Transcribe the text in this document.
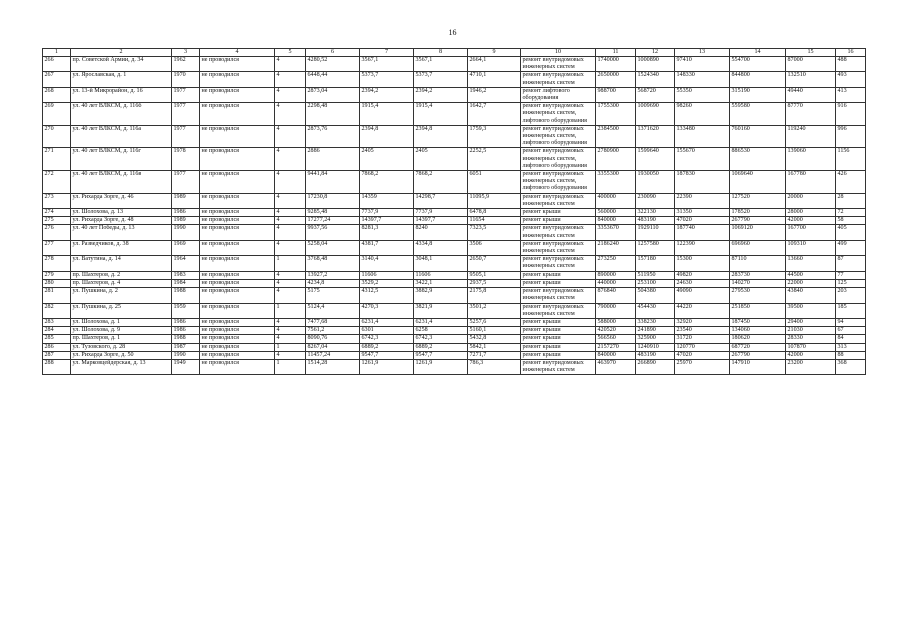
16
1	2	3	4	5	6	7	8	9	10	11	12	13	14	15	16
266	пр. Советской Армии, д. 34	1962	не проводился	4	4280,52	3567,1	3567,1	2664,1	ремонт внутридомовых инженерных систем	1740000	1000890	97410	554700	87000	488
267	ул. Ярославская, д. 1	1970	не проводился	4	6448,44	5373,7	5373,7	4710,1	ремонт внутридомовых инженерных систем	2650000	1524340	148330	844800	132510	493
268	ул. 13-й Микрорайон, д. 16	1977	не проводился	4	2873,04	2394,2	2394,2	1946,2	ремонт лифтового оборудования	988700	568720	55350	315190	49440	413
269	ул. 40 лет ВЛКСМ, д. 116б	1977	не проводился	4	2298,48	1915,4	1915,4	1642,7	ремонт внутридомовых инженерных систем, лифтового оборудования	1755300	1009690	98260	559580	87770	916
270	ул. 40 лет ВЛКСМ, д. 116а	1977	не проводился	4	2873,76	2394,8	2394,8	1759,3	ремонт внутридомовых инженерных систем, лифтового оборудования	2384500	1371620	133480	760160	119240	996
271	ул. 40 лет ВЛКСМ, д. 116г	1978	не проводился	4	2886	2405	2405	2252,5	ремонт внутридомовых инженерных систем, лифтового оборудования	2780900	1599640	155670	886530	139060	1156
272	ул. 40 лет ВЛКСМ, д. 116в	1977	не проводился	4	9441,84	7868,2	7868,2	6051	ремонт внутридомовых инженерных систем, лифтового оборудования	3355300	1930050	187830	1069640	167780	426
273	ул. Рихарда Зорге, д. 46	1989	не проводился	4	17230,8	14359	14298,7	11095,9	ремонт внутридомовых инженерных систем	400000	230090	22390	127520	20000	28
274	ул. Шолохова, д. 13	1986	не проводился	4	9285,48	7737,9	7737,9	6478,8	ремонт крыши	560000	322130	31350	178520	28000	72
275	ул. Рихарда Зорге, д. 48	1989	не проводился	4	17277,24	14397,7	14397,7	11654	ремонт крыши	840000	483190	47020	267790	42000	58
276	ул. 40 лет Победы, д. 13	1990	не проводился	4	9937,56	8281,3	8240	7323,5	ремонт внутридомовых инженерных систем	3353670	1929110	187740	1069120	167700	405
277	ул. Разведчиков, д. 38	1969	не проводился	4	5258,04	4381,7	4334,8	3506	ремонт внутридомовых инженерных систем	2186240	1257580	122390	696960	109310	499
278	ул. Ватутина, д. 14	1964	не проводился	1	3768,48	3140,4	3048,1	2650,7	ремонт внутридомовых инженерных систем	273250	157180	15300	87110	13660	87
279	пр. Шахтеров, д. 2	1983	не проводился	4	13927,2	11606	11606	9505,1	ремонт крыши	890000	511950	49820	283730	44500	77
280	пр. Шахтеров, д. 4	1984	не проводился	4	4234,8	3529,2	3422,1	2937,5	ремонт крыши	440000	253100	24630	140270	22000	125
281	ул. Пушкина, д. 2	1988	не проводился	4	5175	4312,5	3882,9	2175,8	ремонт внутридомовых инженерных систем	876840	504380	49090	279530	43840	203
282	ул. Пушкина, д. 25	1959	не проводился	1	5124,4	4270,3	3821,9	3501,2	ремонт внутридомовых инженерных систем	790000	454430	44220	251850	39500	185
283	ул. Шолохова, д. 1	1986	не проводился	4	7477,68	6231,4	6231,4	5257,6	ремонт крыши	588000	338230	32920	187450	29400	94
284	ул. Шолохова, д. 9	1986	не проводился	4	7561,2	6301	6258	5160,1	ремонт крыши	420520	241890	23540	134060	21030	67
285	пр. Шахтеров, д. 1	1988	не проводился	4	8090,76	6742,3	6742,3	5432,8	ремонт крыши	566560	325900	31720	180620	28330	84
286	ул. Тузовского, д. 28	1987	не проводился	1	8267,04	6889,2	6889,2	5842,1	ремонт крыши	2157270	1240910	120770	687720	107870	313
287	ул. Рихарда Зорге, д. 50	1990	не проводился	4	11457,24	9547,7	9547,7	7271,7	ремонт крыши	840000	483190	47020	267790	42000	88
288	ул. Марковцейдерская, д. 13	1949	не проводился	1	1514,28	1261,9	1261,9	786,3	ремонт внутридомовых инженерных систем	463970	266890	25970	147910	23200	368
